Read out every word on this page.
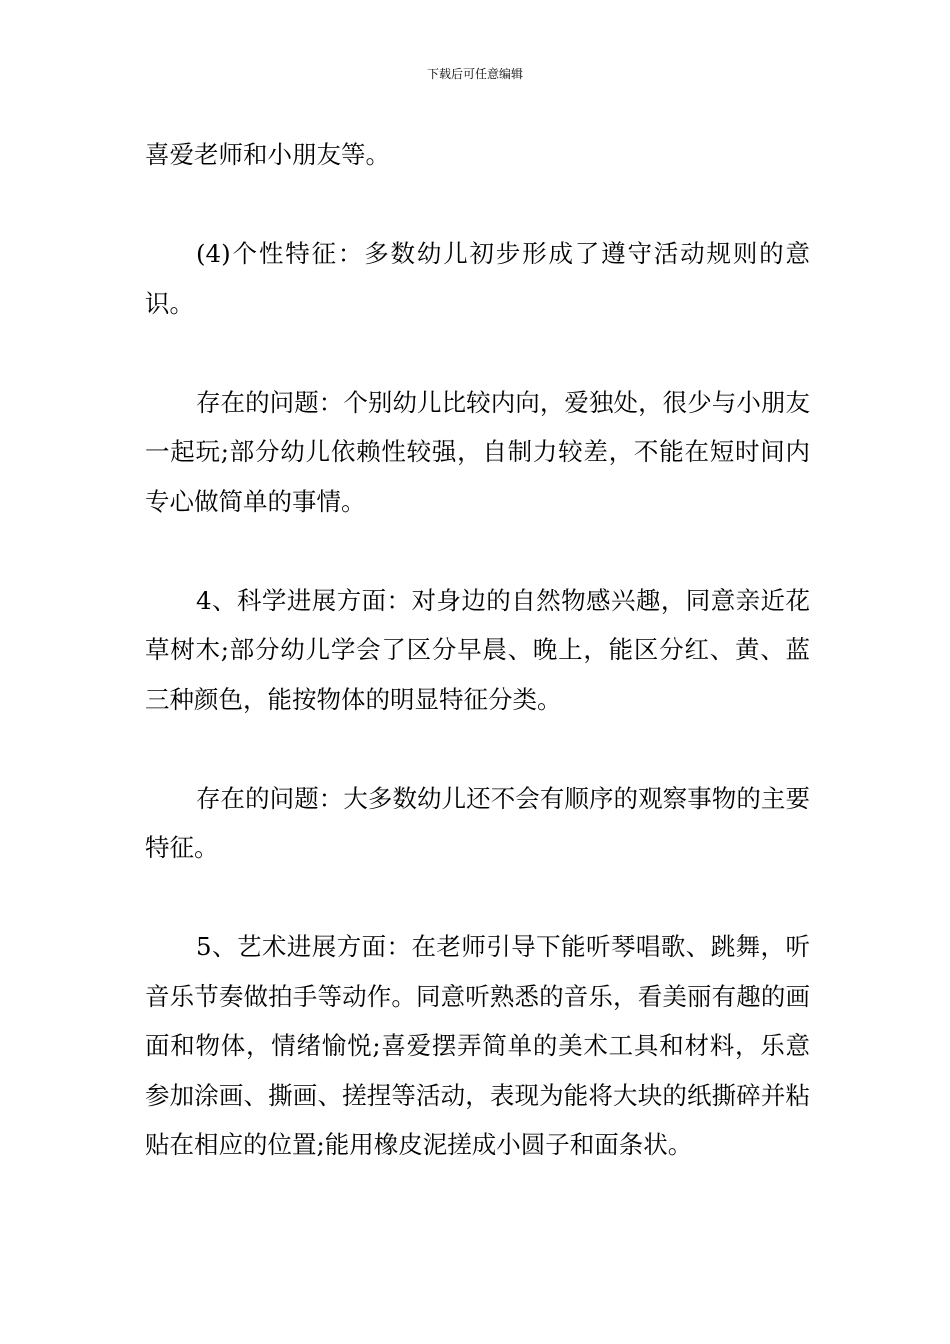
下载后可任意编辑

喜爱老师和小朋友等。

(4)个性特征：多数幼儿初步形成了遵守活动规则的意识。

存在的问题：个别幼儿比较内向，爱独处，很少与小朋友一起玩;部分幼儿依赖性较强，自制力较差，不能在短时间内专心做简单的事情。

4、科学进展方面：对身边的自然物感兴趣，同意亲近花草树木;部分幼儿学会了区分早晨、晚上，能区分红、黄、蓝三种颜色，能按物体的明显特征分类。

存在的问题：大多数幼儿还不会有顺序的观察事物的主要特征。

5、艺术进展方面：在老师引导下能听琴唱歌、跳舞，听音乐节奏做拍手等动作。同意听熟悉的音乐，看美丽有趣的画面和物体，情绪愉悦;喜爱摆弄简单的美术工具和材料，乐意参加涂画、撕画、搓捏等活动，表现为能将大块的纸撕碎并粘贴在相应的位置;能用橡皮泥搓成小圆子和面条状。
